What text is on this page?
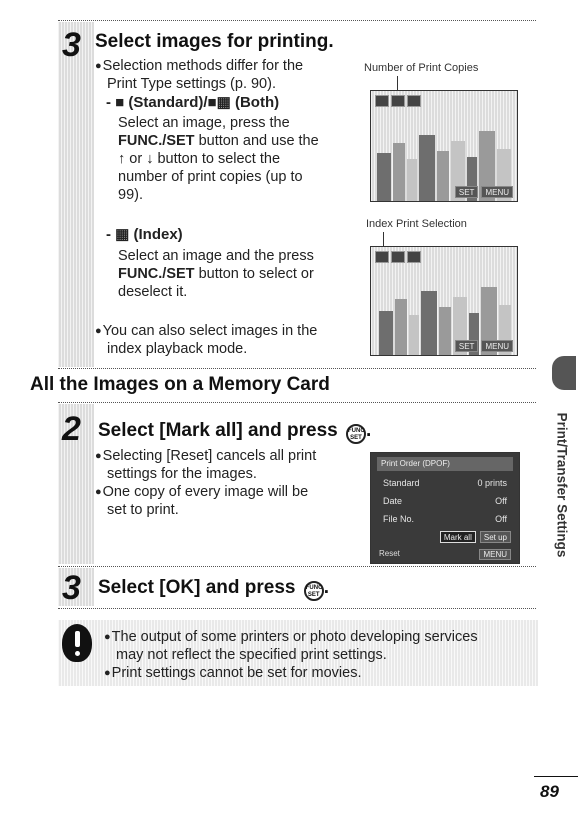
3 Select images for printing.
● Selection methods differ for the
Print Type settings (p. 90).
- ■ (Standard)/■▦ (Both)
Select an image, press the
FUNC./SET button and use the
↑ or ↓ button to select the
number of print copies (up to
99).
- ▦ (Index)
Select an image and the press
FUNC./SET button to select or
deselect it.
● You can also select images in the
index playback mode.
Number of Print Copies
SET	MENU
Index Print Selection
SET	MENU
All the Images on a Memory Card
2 Select [Mark all] and press FUNC
SET .
● Selecting [Reset] cancels all print
settings for the images.
● One copy of every image will be
set to print.
Print Order (DPOF)
Standard	0 prints
Date	Off
File No.	Off
Mark all	Set up
Reset	MENU
3 Select [OK] and press FUNC
SET .
● The output of some printers or photo developing services
may not reflect the specified print settings.
● Print settings cannot be set for movies.
Print/Transfer Settings
89
